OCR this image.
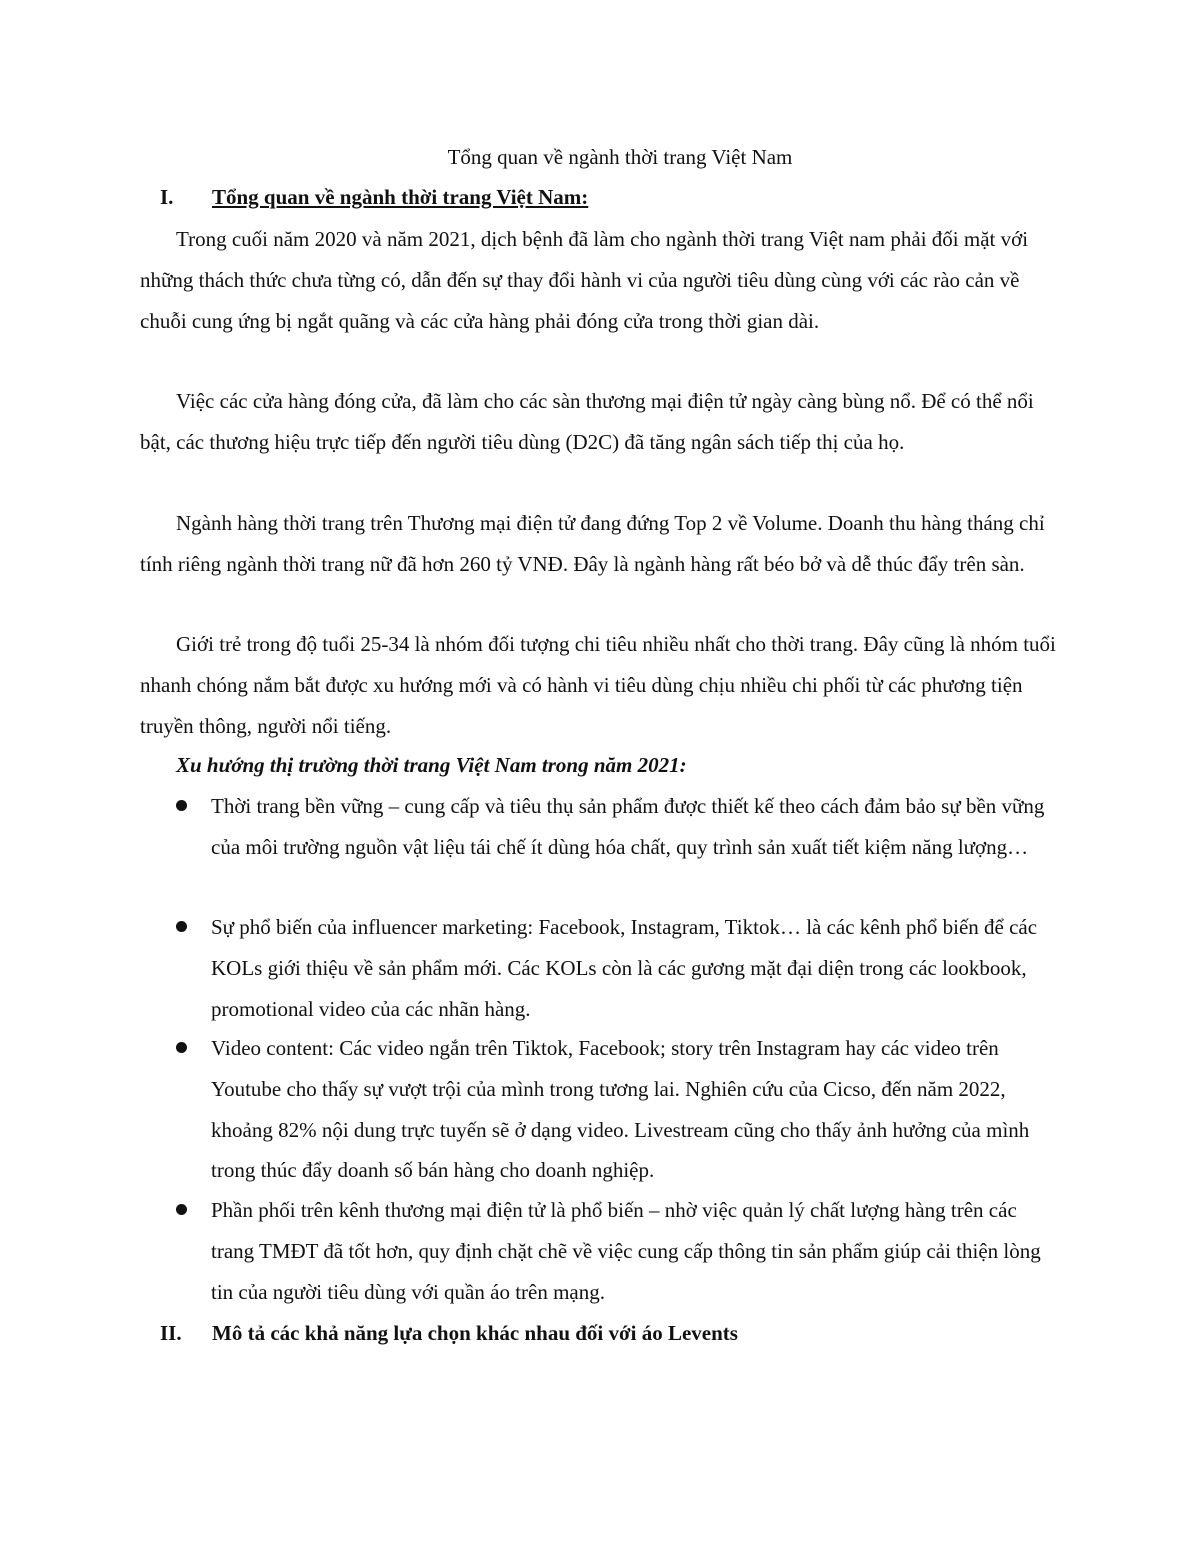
Tổng quan về ngành thời trang Việt Nam
I. Tổng quan về ngành thời trang Việt Nam:

Trong cuối năm 2020 và năm 2021, dịch bệnh đã làm cho ngành thời trang Việt nam phải đối mặt với những thách thức chưa từng có, dẫn đến sự thay đổi hành vi của người tiêu dùng cùng với các rào cản về chuỗi cung ứng bị ngắt quãng và các cửa hàng phải đóng cửa trong thời gian dài.

Việc các cửa hàng đóng cửa, đã làm cho các sàn thương mại điện tử ngày càng bùng nổ. Để có thể nổi bật, các thương hiệu trực tiếp đến người tiêu dùng (D2C) đã tăng ngân sách tiếp thị của họ.

Ngành hàng thời trang trên Thương mại điện tử đang đứng Top 2 về Volume. Doanh thu hàng tháng chỉ tính riêng ngành thời trang nữ đã hơn 260 tỷ VNĐ. Đây là ngành hàng rất béo bở và dễ thúc đẩy trên sàn.

Giới trẻ trong độ tuổi 25-34 là nhóm đối tượng chi tiêu nhiều nhất cho thời trang. Đây cũng là nhóm tuổi nhanh chóng nắm bắt được xu hướng mới và có hành vi tiêu dùng chịu nhiều chi phối từ các phương tiện truyền thông, người nổi tiếng.

Xu hướng thị trường thời trang Việt Nam trong năm 2021:
Thời trang bền vững – cung cấp và tiêu thụ sản phẩm được thiết kế theo cách đảm bảo sự bền vững của môi trường nguồn vật liệu tái chế ít dùng hóa chất, quy trình sản xuất tiết kiệm năng lượng…
Sự phổ biến của influencer marketing: Facebook, Instagram, Tiktok… là các kênh phổ biến để các KOLs giới thiệu về sản phẩm mới. Các KOLs còn là các gương mặt đại diện trong các lookbook, promotional video của các nhãn hàng.
Video content: Các video ngắn trên Tiktok, Facebook; story trên Instagram hay các video trên Youtube cho thấy sự vượt trội của mình trong tương lai. Nghiên cứu của Cicso, đến năm 2022, khoảng 82% nội dung trực tuyến sẽ ở dạng video. Livestream cũng cho thấy ảnh hưởng của mình trong thúc đẩy doanh số bán hàng cho doanh nghiệp.
Phần phối trên kênh thương mại điện tử là phổ biến – nhờ việc quản lý chất lượng hàng trên các trang TMĐT đã tốt hơn, quy định chặt chẽ về việc cung cấp thông tin sản phẩm giúp cải thiện lòng tin của người tiêu dùng với quần áo trên mạng.
II. Mô tả các khả năng lựa chọn khác nhau đối với áo Levents
